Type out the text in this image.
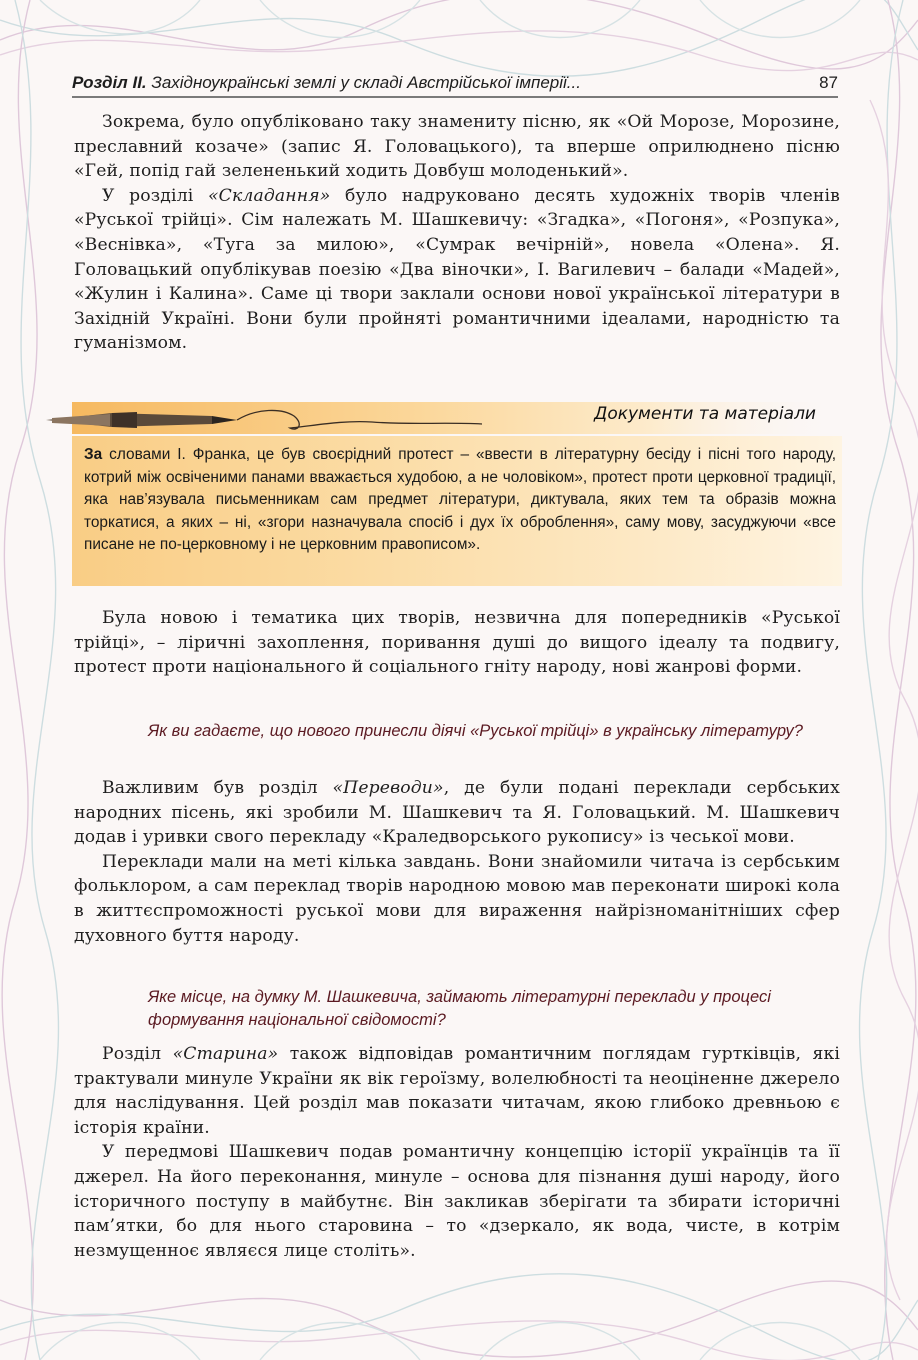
Розділ ІІ. Західноукраїнські землі у складі Австрійської імперії...	87

Зокрема, було опубліковано таку знамениту пісню, як «Ой Морозе, Морозине, преславний козаче» (запис Я. Головацького), та вперше оприлюднено пісню «Гей, попід гай зелененький ходить Довбуш молоденький».

У розділі «Складання» було надруковано десять художніх творів членів «Руської трійці». Сім належать М. Шашкевичу: «Згадка», «Погоня», «Розпука», «Веснівка», «Туга за милою», «Сумрак вечірній», новела «Олена». Я. Головацький опублікував поезію «Два віночки», І. Вагилевич – балади «Мадей», «Жулин і Калина». Саме ці твори заклали основи нової української літератури в Західній Україні. Вони були пройняті романтичними ідеалами, народністю та гуманізмом.

Документи та матеріали
За словами І. Франка, це був своєрідний протест – «ввести в літературну бесіду і пісні того народу, котрий між освіченими панами вважається худобою, а не чоловіком», протест проти церковної традиції, яка нав’язувала письменникам сам предмет літератури, диктувала, яких тем та образів можна торкатися, а яких – ні, «згори назначувала спосіб і дух їх оброблення», саму мову, засуджуючи «все писане не по-церковному і не церковним правописом».

Була новою і тематика цих творів, незвична для попередників «Руської трійці», – ліричні захоплення, поривання душі до вищого ідеалу та подвигу, протест проти національного й соціального гніту народу, нові жанрові форми.

Як ви гадаєте, що нового принесли діячі «Руської трійці» в українську літературу?

Важливим був розділ «Переводи», де були подані переклади сербських народних пісень, які зробили М. Шашкевич та Я. Головацький. М. Шашкевич додав і уривки свого перекладу «Краледворського рукопису» із чеської мови.

Переклади мали на меті кілька завдань. Вони знайомили читача із сербським фольклором, а сам переклад творів народною мовою мав переконати широкі кола в життєспроможності руської мови для вираження найрізноманітніших сфер духовного буття народу.

Яке місце, на думку М. Шашкевича, займають літературні переклади у процесі формування національної свідомості?

Розділ «Старина» також відповідав романтичним поглядам гуртківців, які трактували минуле України як вік героїзму, волелюбності та неоціненне джерело для наслідування. Цей розділ мав показати читачам, якою глибоко древньою є історія країни.

У передмові Шашкевич подав романтичну концепцію історії українців та її джерел. На його переконання, минуле – основа для пізнання душі народу, його історичного поступу в майбутнє. Він закликав зберігати та збирати історичні пам’ятки, бо для нього старовина – то «дзеркало, як вода, чисте, в котрім незмущенноє являєся лице століть».
